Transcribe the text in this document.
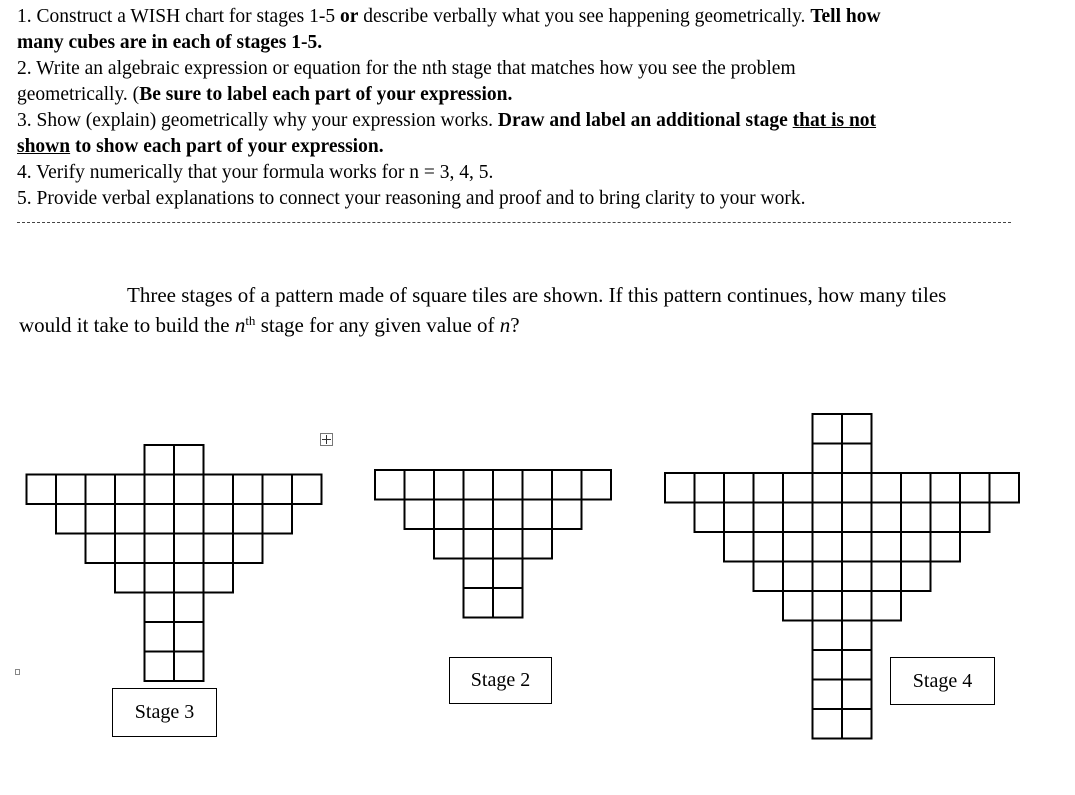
1. Construct a WISH chart for stages 1-5 or describe verbally what you see happening geometrically. Tell how
many cubes are in each of stages 1-5.
2. Write an algebraic expression or equation for the nth stage that matches how you see the problem
geometrically. (Be sure to label each part of your expression.
3. Show (explain) geometrically why your expression works. Draw and label an additional stage that is not
shown to show each part of your expression.
4. Verify numerically that your formula works for n = 3, 4, 5.
5. Provide verbal explanations to connect your reasoning and proof and to bring clarity to your work.
Three stages of a pattern made of square tiles are shown. If this pattern continues, how many tiles
would it take to build the $n^{th}$ stage for any given value of n?
Stage 3
Stage 2	Stage 4
